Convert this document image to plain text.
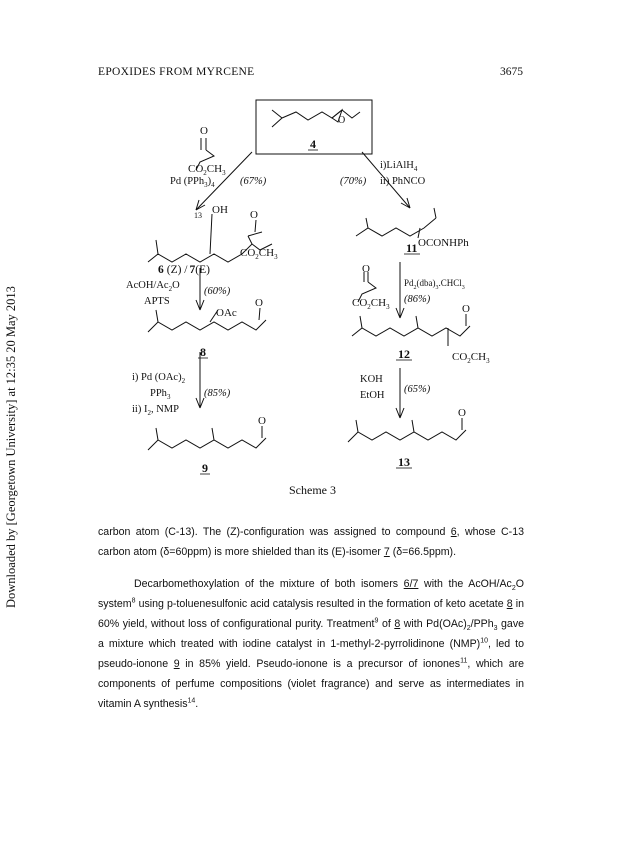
EPOXIDES FROM MYRCENE	3675
Downloaded by [Georgetown University] at 12:35 20 May 2013
4
11
8	12
9	13
6 (Z) / 7(E)
O
O
O
O
O
O
O
O
OH
13
OAc
OCONHPh
$CO_2CH_3$
$CO_2CH_3$
$CO_2CH_3$
$CO_2CH_3$
Pd $(PPh_3)_4$ (67%)
i)LiAlH$_4$
ii) PhNCO
(70%)
AcOH/$Ac_2O$
APTS
(60%)
$Pd_2(dba)_3.CHCl_3$
(86%)
i) Pd $(OAc)_2$
PPh$_3$
ii) $I_2$, NMP
(85%)
KOH
EtOH
(65%)
Scheme 3

carbon atom (C-13). The (Z)-configuration was assigned to compound 6, whose C-13 carbon atom (δ=60ppm) is more shielded than its (E)-isomer 7 (δ=66.5ppm).

Decarbomethoxylation of the mixture of both isomers 6/7 with the AcOH/$Ac_2O$ system$^8$ using p-toluenesulfonic acid catalysis resulted in the formation of keto acetate 8 in 60% yield, without loss of configurational purity. Treatment$^9$ of 8 with $Pd(OAc)_2/PPh_3$ gave a mixture which treated with iodine catalyst in 1-methyl-2-pyrrolidinone (NMP)$^{10}$, led to pseudo-ionone 9 in 85% yield. Pseudo-ionone is a precursor of ionones$^{11}$, which are components of perfume compositions (violet fragrance) and serve as intermediates in vitamin A synthesis$^{14}$.
